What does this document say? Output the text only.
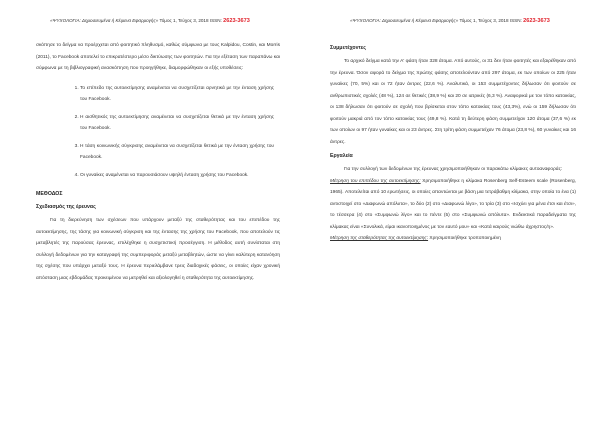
«ΨΥΧΟΛΟΓΙΑ: Δημοσιευμένα ή Κέιμενα Εφαρμογής» Τόμος 1, Τεύχος 3, 2018 ISSN: 2623-3673

σκόπησε το δείγμα να προέρχεται από φοιτητικό πληθυσμό, καθώς σύμφωνα με τους Kalpidou, Costin, και Morris (2011), το Facebook αποτελεί το επικρατέστερο μέσο δικτύωσης των φοιτητών. Για την εξέταση των παραπάνω και σύμφωνα με τη βιβλιογραφική ανασκόπηση που προηγήθηκε, διαμορφώθηκαν οι εξής υποθέσεις:

1. Το επίπεδο της αυτοεκτίμησης αναμένεται να συσχετίζεται αρνητικά με την ένταση χρήσης του Facebook.
2. Η αισθητικός της αυτοεκτίμησης αναμένεται να συσχετίζεται θετικά με την ένταση χρήσης του Facebook.
3. Η τάση κοινωνικής σύγκρισης αναμένεται να συσχετίζεται θετικά με την ένταση χρήσης του Facebook.
4. Οι γυναίκες αναμένεται να παρουσιάσουν υψηλή ένταση χρήσης του Facebook.
ΜΕΘΟΔΟΣ
Σχεδιασμός της έρευνας

Για τη διερεύνηση των σχέσεων που υπάρχουν μεταξύ της σταθερότητας και του επιπέδου της αυτοεκτίμησης, της τάσης για κοινωνική σύγκριση και της έντασης της χρήσης του Facebook, που αποτελούν τις μεταβλητές της παρούσας έρευνας, επιλέχθηκε η συσχετιστική προσέγγιση. Η μέθοδος αυτή συνίσταται στη συλλογή δεδομένων για την καταγραφή της συμπεριφοράς μεταξύ μεταβλητών, ώστε να γίνει καλύτερη κατανόηση της σχέσης που υπάρχει μεταξύ τους. Η έρευνα περιελάμβανε τρεις διαδοχικές φάσεις, οι οποίες είχαν χρονική απόσταση μιας εβδομάδας προκειμένου να μετρηθεί και αξιολογηθεί η σταθερότητα της αυτοεκτίμησης.

«ΨΥΧΟΛΟΓΙΑ: Δημοσιευμένα ή Κέιμενα Εφαρμογής» Τόμος 1, Τεύχος 3, 2018 ISSN: 2623-3673
Συμμετέχοντες

Το αρχικό δείγμα κατά την Α' φάση ήταν 328 άτομα. Από αυτούς, οι 31 δεν ήταν φοιτητές και εξαιρέθηκαν από την έρευνα. Όσον αφορά το δείγμα της πρώτης φάσης αποτελούνταν από 297 άτομα, εκ των οποίων οι 225 ήταν γυναίκες (70, 5%) και οι 72 ήταν άντρες (22,6 %). Αναλυτικά, οι 153 συμμετέχοντες δήλωσαν ότι φοιτούν σε ανθρωπιστικές σχολές (48 %), 124 σε θετικές (38,9 %) και 20 σε ιατρικές (6,3 %). Αναφορικά με τον τόπο κατοικίας, οι 138 δήλωσαν ότι φοιτούν σε σχολή που βρίσκεται στον τόπο κατοικίας τους (43,3%), ενώ οι 159 δήλωσαν ότι φοιτούν μακριά από τον τόπο κατοικίας τους (49,8 %). Κατά τη δεύτερη φάση συμμετείχαν 120 άτομα (37,6 %) εκ των οποίων οι 97 ήταν γυναίκες και οι 23 άντρες. Στη τρίτη φάση συμμετείχαν 76 άτομα (23,8 %), 60 γυναίκες και 16 άντρες.

Εργαλεία

Για την συλλογή των δεδομένων της έρευνας χρησιμοποιήθηκαν οι παρακάτω κλίμακες αυτοαναφοράς:

Μέτρηση του επιπέδου της αυτοεκτίμησης: Χρησιμοποιήθηκε η κλίμακα Rosenberg Self-Esteem scale (Rosenberg, 1965). Αποτελείται από 10 ερωτήσεις, οι οποίες απαντώνται με βάση μια τετράβαθμη κλίμακα, στην οποία το ένα (1) αντιστοιχεί στο «Διαφωνώ απόλυτα», το δύο (2) στο «Διαφωνώ λίγο», το τρία (3) στο «Ισχύει για μένα έτσι και έτσι», το τέσσερα (4) στο «Συμφωνώ λίγο» και το πέντε (5) στο «Συμφωνώ απόλυτα». Ενδεικτικά παραδείγματα της κλίμακας είναι «Συνολικά, είμαι ικανοποιημένος με τον εαυτό μου» και «Κατά καιρούς νιώθω άχρηστος/η».

Μέτρηση της σταθερότητας της αυτοεκτίμησης: Χρησιμοποιήθηκε τροποποιημένη
